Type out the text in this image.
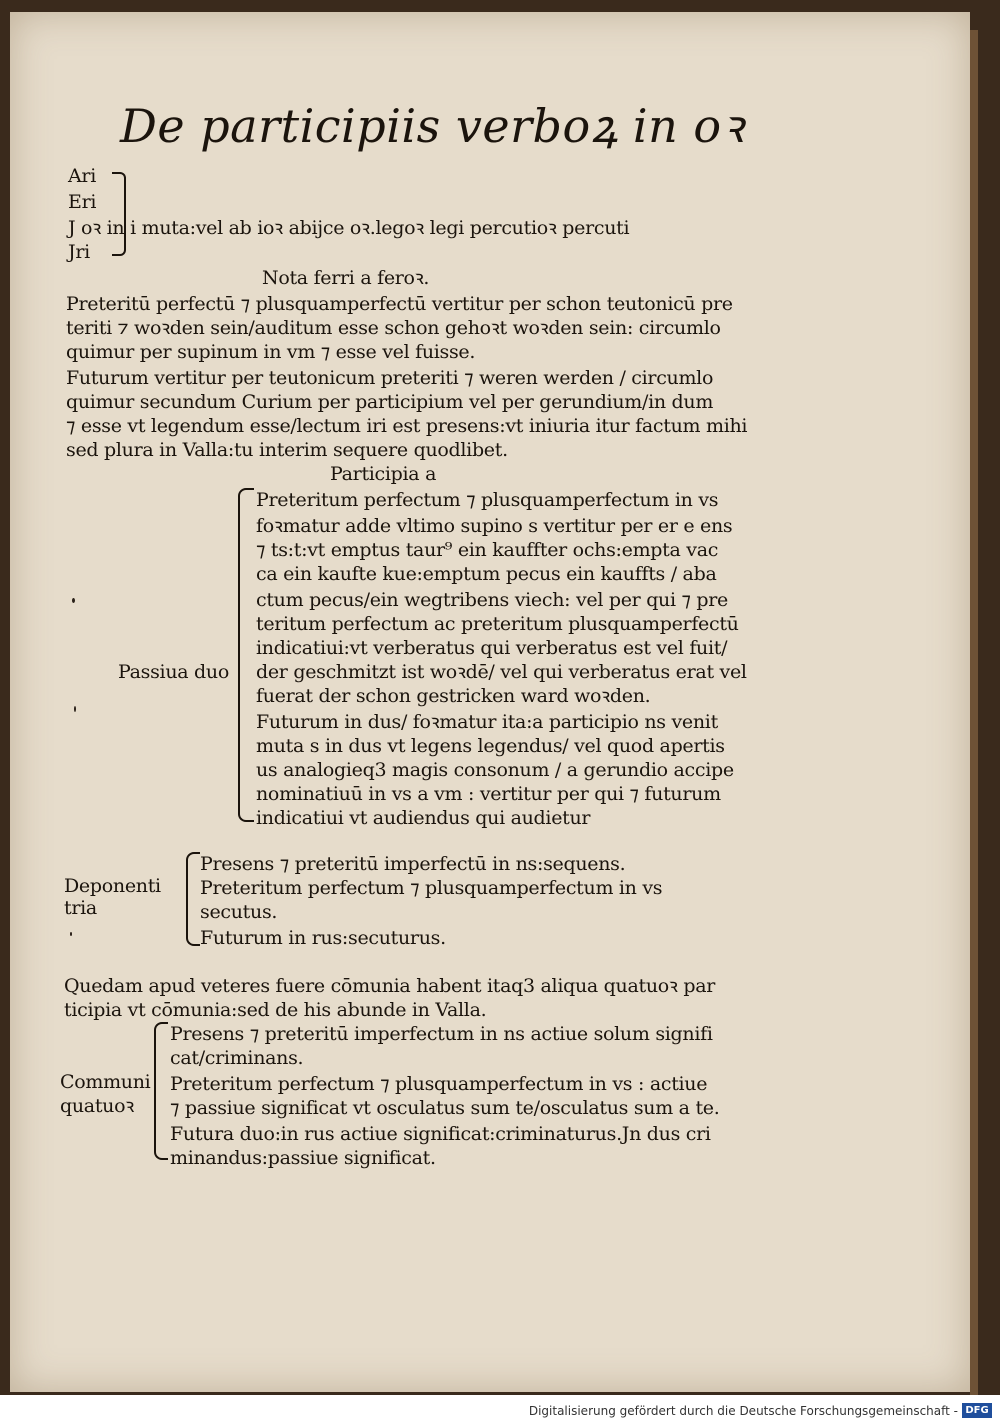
De participiis verboꝝ in oꝛ
Ari
Eri
J oꝛ in i muta:vel ab ioꝛ abijce oꝛ.legoꝛ legi percutioꝛ percuti
Jri
Nota ferri a feroꝛ.
Preteritū perfectū ⁊ plusquamperfectū vertitur per schon teutonicū pre
teriti ⁊ woꝛden sein/auditum esse schon gehoꝛt woꝛden sein: circumlo
quimur per supinum in vm ⁊ esse vel fuisse.
Futurum vertitur per teutonicum preteriti ⁊ weren werden / circumlo
quimur secundum Curium per participium vel per gerundium/in dum
⁊ esse vt legendum esse/lectum iri est presens:vt iniuria itur factum mihi
sed plura in Valla:tu interim sequere quodlibet.
Participia a
Preteritum perfectum ⁊ plusquamperfectum in vs
foꝛmatur adde vltimo supino s vertitur per er e ens
⁊ ts:t:vt emptus taur⁹ ein kauffter ochs:empta vac
ca ein kaufte kue:emptum pecus ein kauffts / aba
ctum pecus/ein wegtribens viech: vel per qui ⁊ pre
teritum perfectum ac preteritum plusquamperfectū
indicatiui:vt verberatus qui verberatus est vel fuit/
Passiua duo der geschmitzt ist woꝛdē/ vel qui verberatus erat vel
fuerat der schon gestricken ward woꝛden.
Futurum in dus/ foꝛmatur ita:a participio ns venit
muta s in dus vt legens legendus/ vel quod apertis
us analogieq3 magis consonum / a gerundio accipe
nominatiuū in vs a vm : vertitur per qui ⁊ futurum
indicatiui vt audiendus qui audietur
Presens ⁊ preteritū imperfectū in ns:sequens.
Deponenti
tria
Preteritum perfectum ⁊ plusquamperfectum in vs
secutus.
Futurum in rus:secuturus.
Quedam apud veteres fuere cōmunia habent itaq3 aliqua quatuoꝛ par
ticipia vt cōmunia:sed de his abunde in Valla.
Presens ⁊ preteritū imperfectum in ns actiue solum signifi
cat/criminans.
Communi
quatuoꝛ
Preteritum perfectum ⁊ plusquamperfectum in vs : actiue
⁊ passiue significat vt osculatus sum te/osculatus sum a te.
Futura duo:in rus actiue significat:criminaturus.Jn dus cri
minandus:passiue significat.
Digitalisierung gefördert durch die Deutsche Forschungsgemeinschaft - DFG
